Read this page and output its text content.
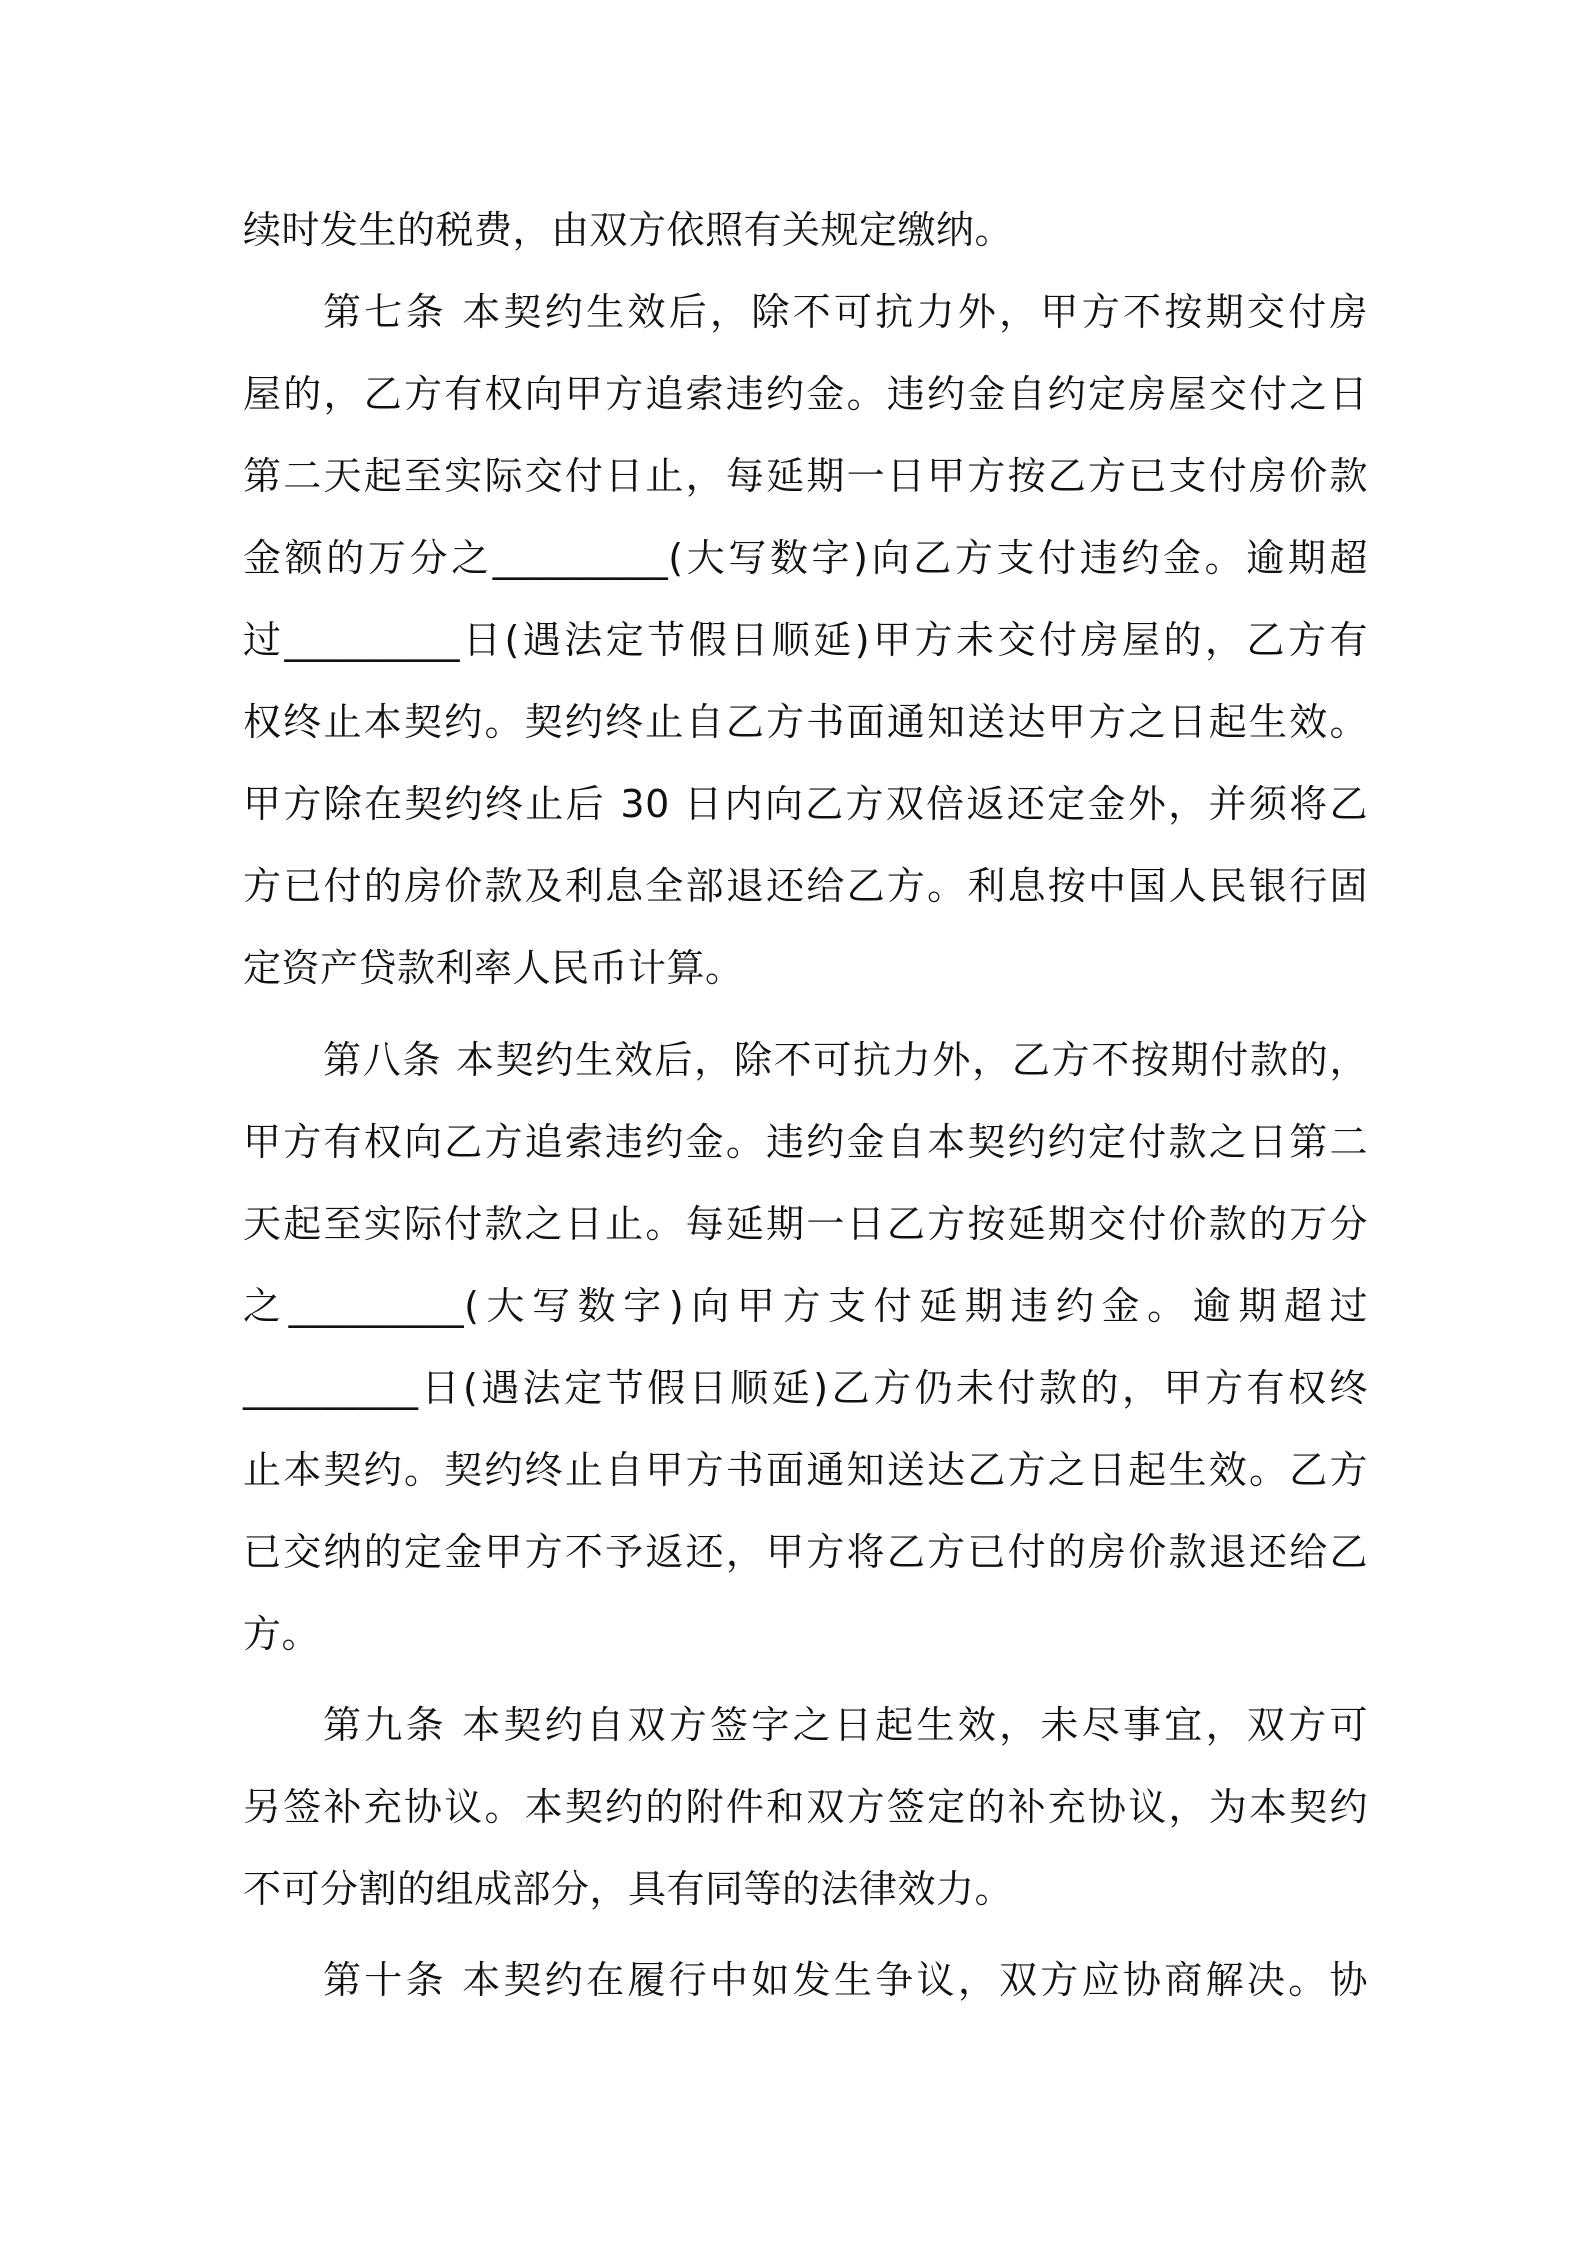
续时发生的税费，由双方依照有关规定缴纳。
第七条 本契约生效后，除不可抗力外，甲方不按期交付房
屋的，乙方有权向甲方追索违约金。违约金自约定房屋交付之日
第二天起至实际交付日止，每延期一日甲方按乙方已支付房价款
金额的万分之_________(大写数字)向乙方支付违约金。逾期超
过_________日(遇法定节假日顺延)甲方未交付房屋的，乙方有
权终止本契约。契约终止自乙方书面通知送达甲方之日起生效。
甲方除在契约终止后 30 日内向乙方双倍返还定金外，并须将乙
方已付的房价款及利息全部退还给乙方。利息按中国人民银行固
定资产贷款利率人民币计算。
第八条 本契约生效后，除不可抗力外，乙方不按期付款的，
甲方有权向乙方追索违约金。违约金自本契约约定付款之日第二
天起至实际付款之日止。每延期一日乙方按延期交付价款的万分
之_________(大写数字)向甲方支付延期违约金。逾期超过
_________日(遇法定节假日顺延)乙方仍未付款的，甲方有权终
止本契约。契约终止自甲方书面通知送达乙方之日起生效。乙方
已交纳的定金甲方不予返还，甲方将乙方已付的房价款退还给乙
方。
第九条 本契约自双方签字之日起生效，未尽事宜，双方可
另签补充协议。本契约的附件和双方签定的补充协议，为本契约
不可分割的组成部分，具有同等的法律效力。
第十条 本契约在履行中如发生争议，双方应协商解决。协
